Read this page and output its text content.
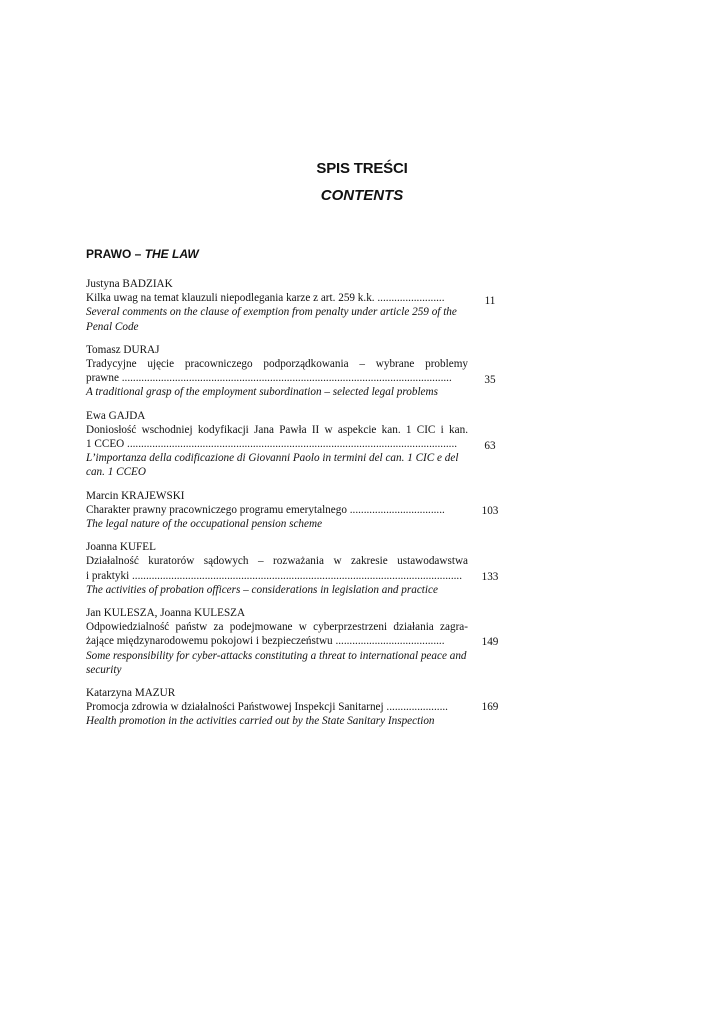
SPIS TREŚCI
CONTENTS
PRAWO – THE LAW
Justyna BADZIAK
Kilka uwag na temat klauzuli niepodlegania karze z art. 259 k.k. ........................	11
Several comments on the clause of exemption from penalty under article 259 of the Penal Code
Tomasz DURAJ
Tradycyjne ujęcie pracowniczego podporządkowania – wybrane problemy
prawne ......................................................................................................................	35
A traditional grasp of the employment subordination – selected legal problems
Ewa GAJDA
Doniosłość wschodniej kodyfikacji Jana Pawła II w aspekcie kan. 1 CIC i kan.
1 CCEO ......................................................................................................................	63
L’importanza della codificazione di Giovanni Paolo in termini del can. 1 CIC e del can. 1 CCEO
Marcin KRAJEWSKI
Charakter prawny pracowniczego programu emerytalnego ..................................	103
The legal nature of the occupational pension scheme
Joanna KUFEL
Działalność kuratorów sądowych – rozważania w zakresie ustawodawstwa
i praktyki ......................................................................................................................	133
The activities of probation officers – considerations in legislation and practice
Jan KULESZA, Joanna KULESZA
Odpowiedzialność państw za podejmowane w cyberprzestrzeni działania zagra-
żające międzynarodowemu pokojowi i bezpieczeństwu .......................................	149
Some responsibility for cyber-attacks constituting a threat to international peace and security
Katarzyna MAZUR
Promocja zdrowia w działalności Państwowej Inspekcji Sanitarnej ......................	169
Health promotion in the activities carried out by the State Sanitary Inspection
